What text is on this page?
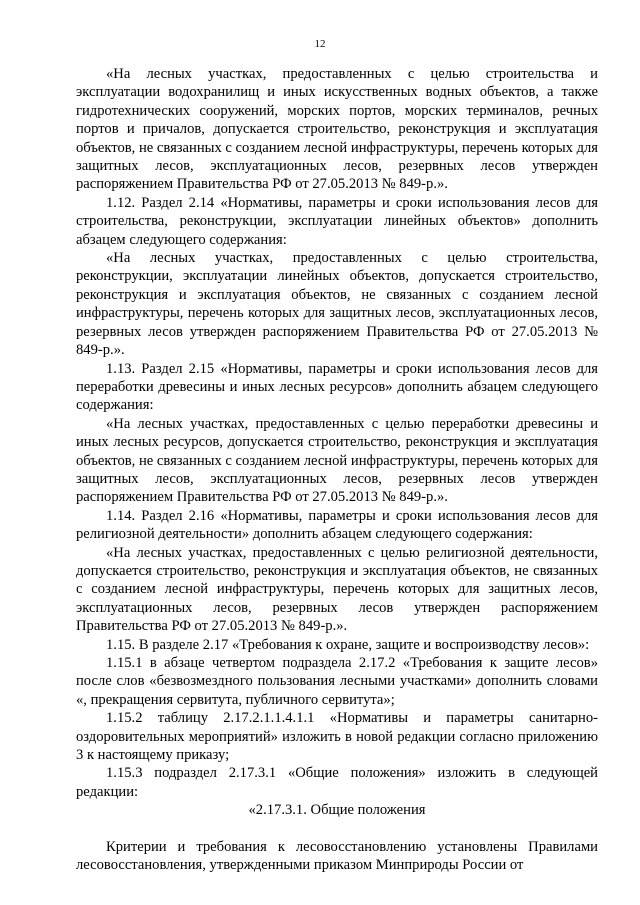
12

«На лесных участках, предоставленных с целью строительства и эксплуатации водохранилищ и иных искусственных водных объектов, а также гидротехнических сооружений, морских портов, морских терминалов, речных портов и причалов, допускается строительство, реконструкция и эксплуатация объектов, не связанных с созданием лесной инфраструктуры, перечень которых для защитных лесов, эксплуатационных лесов, резервных лесов утвержден распоряжением Правительства РФ от 27.05.2013 № 849-р.».

1.12. Раздел 2.14 «Нормативы, параметры и сроки использования лесов для строительства, реконструкции, эксплуатации линейных объектов» дополнить абзацем следующего содержания:

«На лесных участках, предоставленных с целью строительства, реконструкции, эксплуатации линейных объектов, допускается строительство, реконструкция и эксплуатация объектов, не связанных с созданием лесной инфраструктуры, перечень которых для защитных лесов, эксплуатационных лесов, резервных лесов утвержден распоряжением Правительства РФ от 27.05.2013 № 849-р.».

1.13. Раздел 2.15 «Нормативы, параметры и сроки использования лесов для переработки древесины и иных лесных ресурсов» дополнить абзацем следующего содержания:

«На лесных участках, предоставленных с целью переработки древесины и иных лесных ресурсов, допускается строительство, реконструкция и эксплуатация объектов, не связанных с созданием лесной инфраструктуры, перечень которых для защитных лесов, эксплуатационных лесов, резервных лесов утвержден распоряжением Правительства РФ от 27.05.2013 № 849-р.».

1.14. Раздел 2.16 «Нормативы, параметры и сроки использования лесов для религиозной деятельности» дополнить абзацем следующего содержания:

«На лесных участках, предоставленных с целью религиозной деятельности, допускается строительство, реконструкция и эксплуатация объектов, не связанных с созданием лесной инфраструктуры, перечень которых для защитных лесов, эксплуатационных лесов, резервных лесов утвержден распоряжением Правительства РФ от 27.05.2013 № 849-р.».

1.15. В разделе 2.17 «Требования к охране, защите и воспроизводству лесов»:

1.15.1 в абзаце четвертом подраздела 2.17.2 «Требования к защите лесов» после слов «безвозмездного пользования лесными участками» дополнить словами «, прекращения сервитута, публичного сервитута»;

1.15.2 таблицу 2.17.2.1.1.4.1.1 «Нормативы и параметры санитарно-оздоровительных мероприятий» изложить в новой редакции согласно приложению 3 к настоящему приказу;

1.15.3 подраздел 2.17.3.1 «Общие положения» изложить в следующей редакции:

«2.17.3.1. Общие положения

Критерии и требования к лесовосстановлению установлены Правилами лесовосстановления, утвержденными приказом Минприроды России от
